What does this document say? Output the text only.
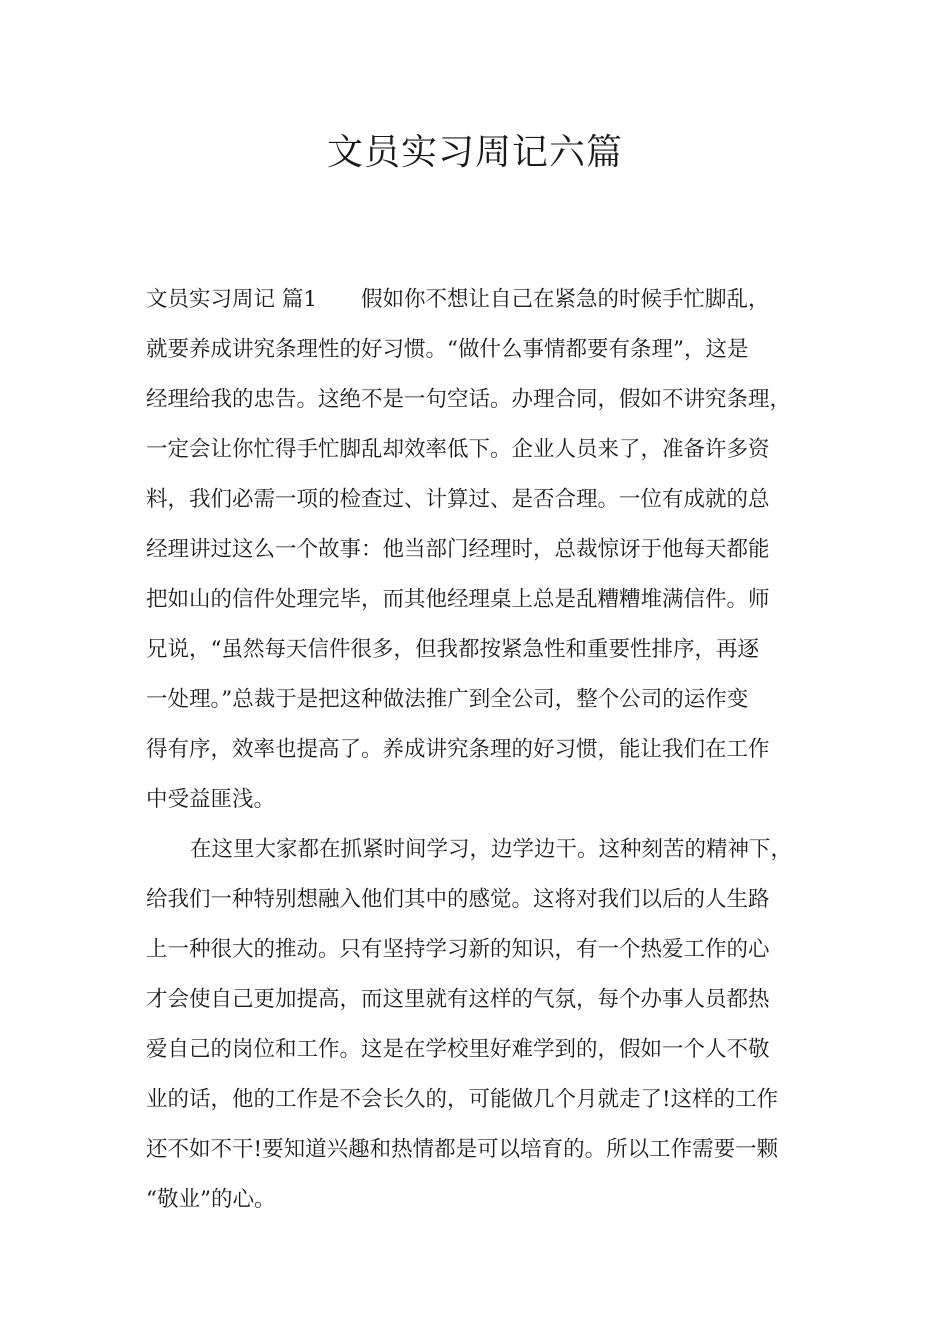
文员实习周记六篇
文员实习周记 篇1 假如你不想让自己在紧急的时候手忙脚乱，
就要养成讲究条理性的好习惯。“做什么事情都要有条理”，这是
经理给我的忠告。这绝不是一句空话。办理合同，假如不讲究条理，
一定会让你忙得手忙脚乱却效率低下。企业人员来了，准备许多资
料，我们必需一项的检查过、计算过、是否合理。一位有成就的总
经理讲过这么一个故事：他当部门经理时，总裁惊讶于他每天都能
把如山的信件处理完毕，而其他经理桌上总是乱糟糟堆满信件。师
兄说，“虽然每天信件很多，但我都按紧急性和重要性排序，再逐
一处理。”总裁于是把这种做法推广到全公司，整个公司的运作变
得有序，效率也提高了。养成讲究条理的好习惯，能让我们在工作
中受益匪浅。
在这里大家都在抓紧时间学习，边学边干。这种刻苦的精神下，
给我们一种特别想融入他们其中的感觉。这将对我们以后的人生路
上一种很大的推动。只有坚持学习新的知识，有一个热爱工作的心
才会使自己更加提高，而这里就有这样的气氛，每个办事人员都热
爱自己的岗位和工作。这是在学校里好难学到的，假如一个人不敬
业的话，他的工作是不会长久的，可能做几个月就走了!这样的工作
还不如不干!要知道兴趣和热情都是可以培育的。所以工作需要一颗
“敬业”的心。
